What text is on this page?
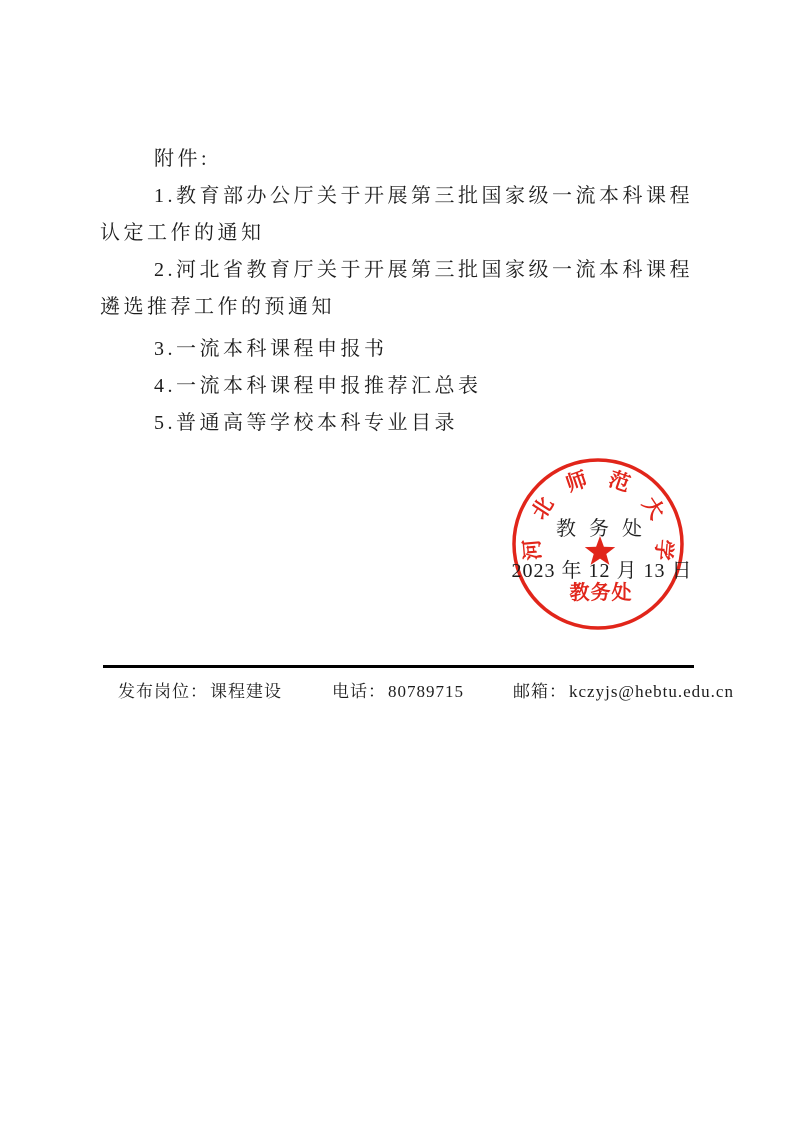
附件:
1.教育部办公厅关于开展第三批国家级一流本科课程
认定工作的通知
2.河北省教育厅关于开展第三批国家级一流本科课程
遴选推荐工作的预通知
3.一流本科课程申报书
4.一流本科课程申报推荐汇总表
5.普通高等学校本科专业目录
教 务 处
2023 年 12 月 13 日
河
北
师 范
大
学
教务处
发布岗位： 课程建设	电话： 80789715	邮箱： kczyjs@hebtu.edu.cn
